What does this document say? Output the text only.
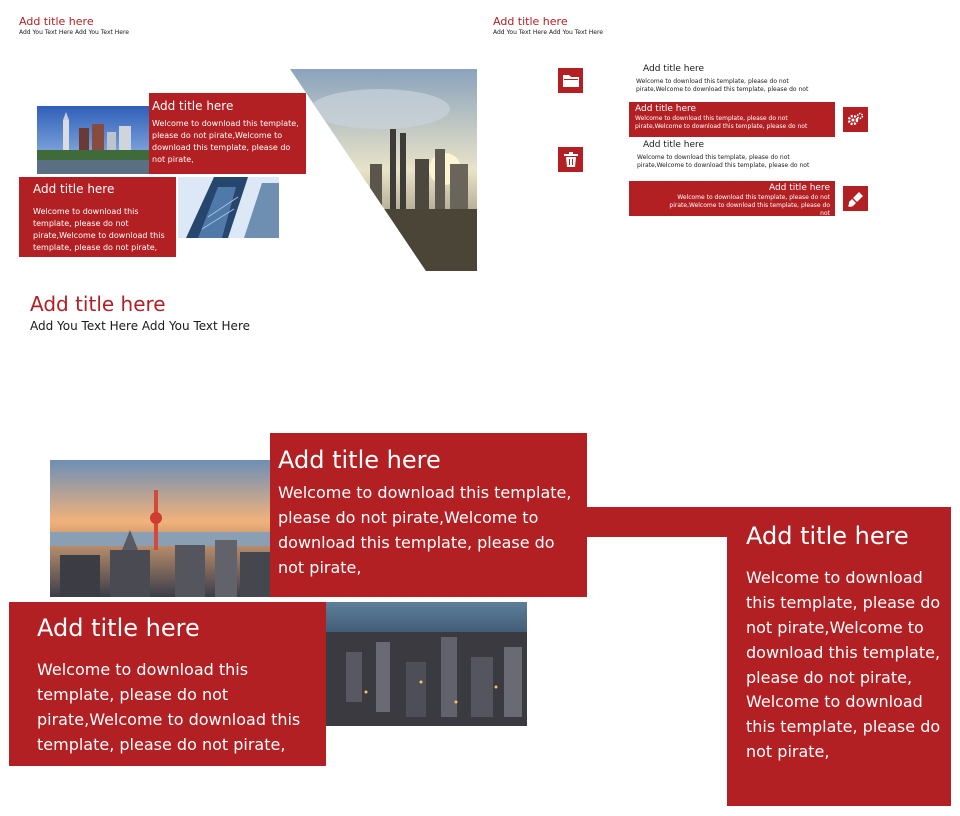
Add title here
Add You Text Here Add You Text Here
Add title here
Welcome to download this template, please do not pirate,Welcome to download this template, please do not pirate,
Add title here
Welcome to download this template, please do not pirate,Welcome to download this template, please do not pirate,
Add title here
Add You Text Here Add You Text Here
Add title here
Welcome to download this template, please do not pirate,Welcome to download this template, please do not
Add title here
Welcome to download this template, please do not pirate,Welcome to download this template, please do not
Add title here
Welcome to download this template, please do not pirate,Welcome to download this template, please do not
Add title here
Welcome to download this template, please do not pirate,Welcome to download this template, please do not
Add title here
Add You Text Here Add You Text Here
Add title here
Welcome to download this template, please do not pirate,Welcome to download this template, please do not pirate,
Add title here
Welcome to download this template, please do not pirate,Welcome to download this template, please do not pirate, Welcome to download this template, please do not pirate,
Add title here
Welcome to download this template, please do not pirate,Welcome to download this template, please do not pirate,
